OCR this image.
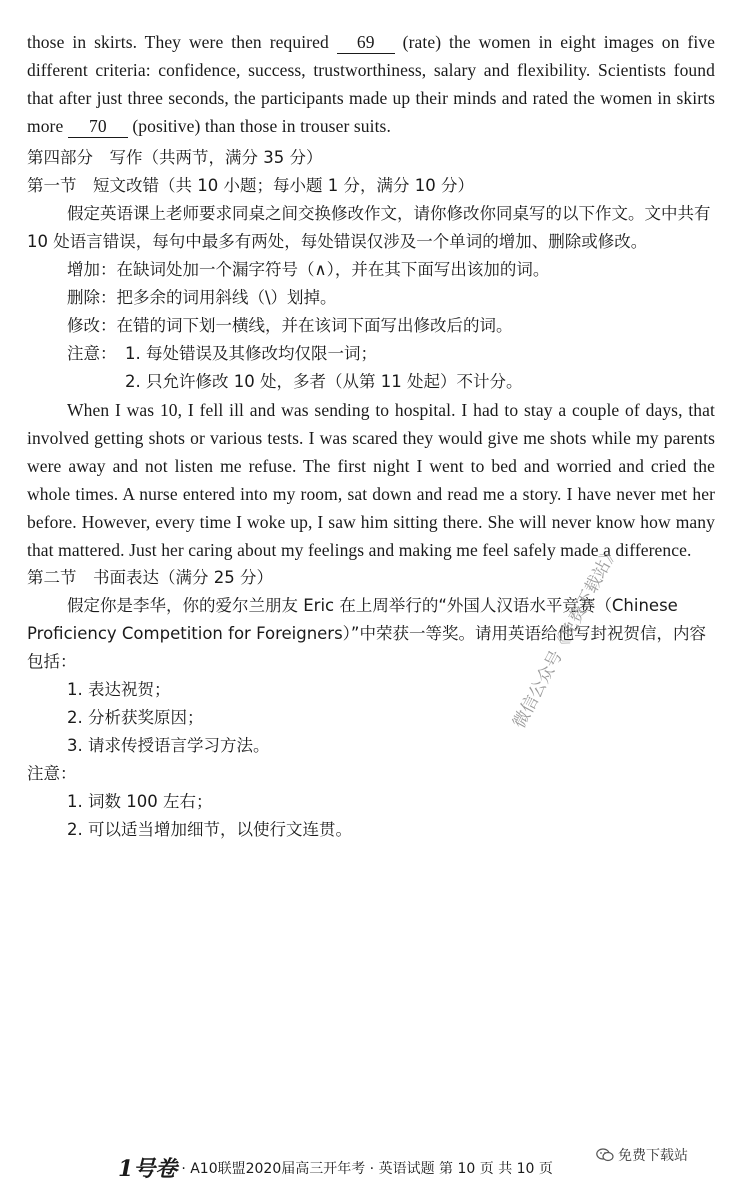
those in skirts. They were then required 69 (rate) the women in eight images on five different criteria: confidence, success, trustworthiness, salary and flexibility. Scientists found that after just three seconds, the participants made up their minds and rated the women in skirts more 70 (positive) than those in trouser suits.

第四部分　写作（共两节，满分 35 分）

第一节　短文改错（共 10 小题；每小题 1 分，满分 10 分）

假定英语课上老师要求同桌之间交换修改作文，请你修改你同桌写的以下作文。文中共有 10 处语言错误，每句中最多有两处，每处错误仅涉及一个单词的增加、删除或修改。

增加：在缺词处加一个漏字符号（∧），并在其下面写出该加的词。

删除：把多余的词用斜线（\）划掉。

修改：在错的词下划一横线，并在该词下面写出修改后的词。

注意： 1. 每处错误及其修改均仅限一词；
2. 只允许修改 10 处，多者（从第 11 处起）不计分。

When I was 10, I fell ill and was sending to hospital. I had to stay a couple of days, that involved getting shots or various tests. I was scared they would give me shots while my parents were away and not listen me refuse. The first night I went to bed and worried and cried the whole times. A nurse entered into my room, sat down and read me a story. I have never met her before. However, every time I woke up, I saw him sitting there. She will never know how many that mattered. Just her caring about my feelings and making me feel safely made a difference.

第二节　书面表达（满分 25 分）

假定你是李华，你的爱尔兰朋友 Eric 在上周举行的“外国人汉语水平竞赛（Chinese Proficiency Competition for Foreigners）”中荣获一等奖。请用英语给他写封祝贺信，内容包括：

1. 表达祝贺；

2. 分析获奖原因；

3. 请求传授语言学习方法。

注意：

1. 词数 100 左右；

2. 可以适当增加细节，以使行文连贯。

微信公众号《免费下载站》
1号卷 · A10联盟2020届高三开年考 · 英语试题 第 10 页 共 10 页
免费下载站
